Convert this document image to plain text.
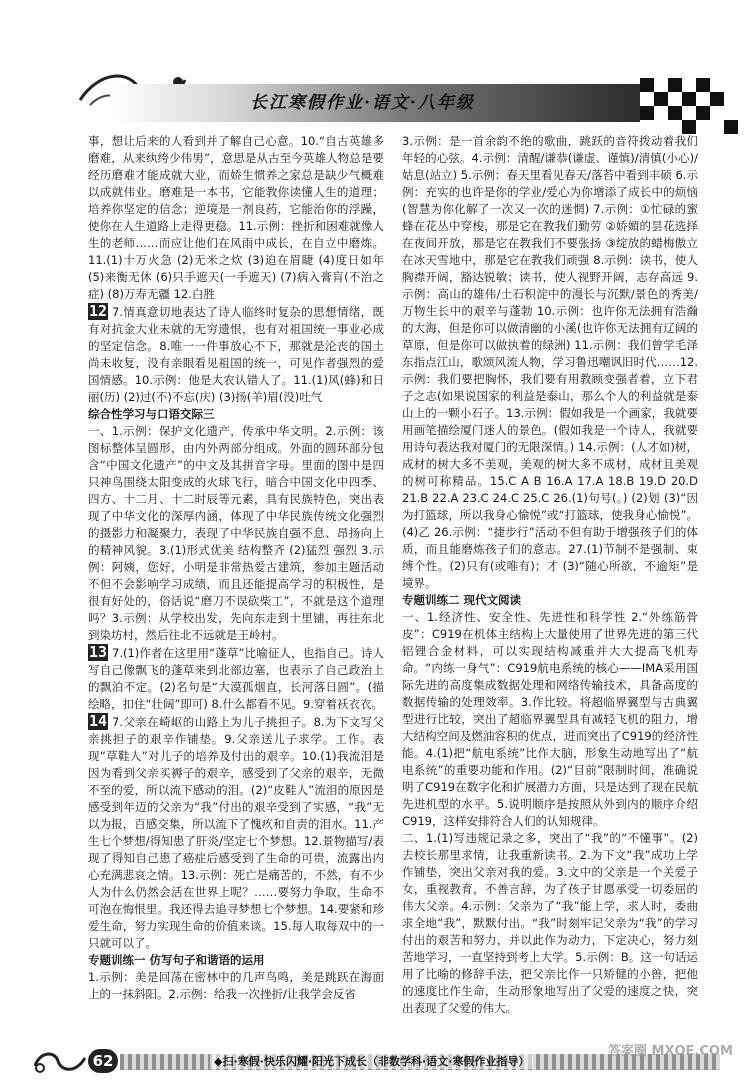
长江寒假作业·语文·八年级

事，想让后来的人看到并了解自己心意。10.“自古英雄多磨难，从来纨绔少伟男”，意思是从古至今英雄人物总是要经历磨难才能成就大业，而娇生惯养之家总是缺少气概难以成就伟业。磨难是一本书，它能教你读懂人生的道理；培养你坚定的信念；逆境是一剂良药，它能治你的浮躁，使你在人生道路上走得更稳。11.示例：挫折和困难就像人生的老师……而应让他们在风雨中成长，在自立中磨炼。11.(1)十万火急 (2)无米之炊 (3)迫在眉睫 (4)度日如年 (5)来衡无休 (6)只手遮天(一手遮天) (7)病入膏肓(不治之症) (8)万寿无疆 12.白胜

12 7.情真意切地表达了诗人临终时复杂的思想情绪，既有对抗金大业未就的无穷遗恨，也有对祖国统一事业必成的坚定信念。8.唯一一件事放心不下，那就是沦丧的国土尚未收复，没有亲眼看见祖国的统一，可见作者强烈的爱国情感。10.示例：他是大农认错人了。11.(1)风(蜂)和日丽(历) (2)过(不)不忘(庆) (3)扬(羊)眉(没)吐气

综合性学习与口语交际三

一、1.示例：保护文化遗产，传承中华文明。2.示例：该图标整体呈圆形，由内外两部分组成。外面的圆环部分包含“中国文化遗产”的中文及其拼音字母。里面的图中是四只神鸟围绕太阳变成的火球飞行，暗合中国文化中四季、四方、十二月、十二时辰等元素，具有民族特色，突出表现了中华文化的深厚内涵，体现了中华民族传统文化强烈的摄影力和凝聚力，表现了中华民族自强不息、昂扬向上的精神风貌。3.(1)形式优美 结构整齐 (2)猛烈 强烈 3.示例：阿姨，您好，小明是非常热爱古建筑，参加主题活动不但不会影响学习成绩，而且还能提高学习的积极性，是很有好处的，俗话说“磨刀不误砍柴工”，不就是这个道理吗？3.示例：从学校出发，先向东走到十里铺，再往东北到染坊村，然后往北不远就是王岭村。

13 7.(1)作者在这里用“蓬草”比喻征人，也指自己。诗人写自己像飘飞的蓬草来到北部边塞，也表示了自己政治上的飘泊不定。(2)名句是“大漠孤烟直，长河落日圆”。(描绘略，扣住“壮阔”即可) 8.什么都看不见。9.穿着袄衣衣。

14 7.父亲在崎岖的山路上为儿子挑担子。8.为下文写父亲挑担子的艰辛作铺垫。9.父亲送儿子求学。工作。表现“草鞋人”对儿子的培养及付出的艰辛。10.(1)我流泪是因为看到父亲买褥子的艰辛，感受到了父亲的艰辛，无微不至的爱，所以流下感动的泪。(2)“皮鞋人”流泪的原因是感受到年迈的父亲为“我”付出的艰辛受到了实感，“我”无以为报，百感交集，所以流下了愧疚和自责的泪水。11.产生七个梦想/得知患了肝炎/坚定七个梦想。12.景物描写/表现了得知自己患了癌症后感受到了生命的可贵，流露出内心充满悲哀之情。13.示例：死亡是痛苦的，不然，有不少人为什么仍然会活在世界上呢？……要努力争取，生命不可泡在悔恨里。我还得去追寻梦想七个梦想。14.要紧和珍爱生命，努力实现生命的价值来谈。15.每人取每双中的一只就可以了。

专题训练一 仿写句子和谐语的运用

1.示例：美是回荡在密林中的几声鸟鸣，美是跳跃在海面上的一抹斜阳。2.示例：给我一次挫折/让我学会反省

3.示例：是一首余韵不绝的歌曲，跳跃的音符拨动着我们年轻的心弦。4.示例：清醒/谦恭(谦虚、谨慎)/清慎(小心)/姑息(站立) 5.示例：春天里看见春天/落苔中看到丰硕 6.示例：充实的也许是你的学业/爱心为你增添了成长中的烦恼(智慧为你化解了一次又一次的迷惘) 7.示例：①忙碌的蜜蜂在花丛中穿梭，那是它在教我们勤劳 ②娇媚的昙花选择在夜间开放，那是它在教我们不要张扬 ③绽放的蜡梅傲立在冰天雪地中，那是它在教我们顽强 8.示例：读书，使人胸襟开阔，豁达锐敏；读书，使人视野开阔，志存高远 9.示例：高山的雄伟/土石积淀中的漫长与沉默/景色的秀美/万物生长中的艰辛与蓬勃 10.示例：也许你无法拥有浩瀚的大海，但是你可以做清幽的小溪(也许你无法拥有辽阔的草原，但是你可以做执着的绿洲) 11.示例：我们曾学毛泽东指点江山，歌颂风流人物，学习鲁迅嘲讽旧时代……12.示例：我们要把胸怀，我们要有用教顾变强者着，立下君子之志(如果说国家的利益是泰山，那么个人的利益就是泰山上的一颗小石子。13.示例：假如我是一个画家，我就要用画笔描绘厦门迷人的景色。(假如我是一个诗人，我就要用诗句表达我对厦门的无限深情。) 14.示例：(人才如)树，成材的树大多不美观，美观的树大多不成材，成材且美观的树可称精品。15.C A B 16.A 17.A 18.B 19.D 20.D 21.B 22.A 23.C 24.C 25.C 26.(1)句号(。) (2)划 (3)“因为打篮球，所以我身心愉悦”或“打篮球，使我身心愉悦”。(4)乙 26.示例：“捷步行”活动不但有助于增强孩子们的体质，而且能磨炼孩子们的意志。27.(1)节制不是强制、束缚个性。(2)只有(或唯有)；才 (3)“随心所欲，不逾矩”是境界。

专题训练二 现代文阅读

一、1.经济性、安全性、先进性和科学性 2.“外练筋骨皮”：C919在机体主结构上大量使用了世界先进的第三代铝锂合金材料，可以实现结构减重并大大提高飞机寿命。“内练一身气”：C919航电系统的核心——IMA采用国际先进的高度集成数据处理和网络传输技术，具备高度的数据传输的处理效率。3.作比较。将超临界翼型与古典翼型进行比较，突出了超临界翼型具有减轻飞机的阻力，增大结构空间及燃油容积的优点，进而突出了C919的经济性能。4.(1)把“航电系统”比作大脑，形象生动地写出了“航电系统”的重要功能和作用。(2)“目前”限制时间，准确说明了C919在数字化和扩展潜力方面，只是达到了现在民航先进机型的水平。5.说明顺序是按照从外到内的顺序介绍C919，这样安排符合人们的认知规律。

二、1.(1)写违规记录之多，突出了“我”的“不懂事”。(2)去校长那里求情，让我重新读书。2.为下文“我”成功上学作铺垫，突出父亲对我的爱。3.文中的父亲是一个关爱子女，重视教育，不善言辞，为了孩子甘愿承受一切委屈的伟大父亲。4.示例：父亲为了“我”能上学，求人时，委曲求全地“我”，默默付出。“我”时刻牢记父亲为“我”的学习付出的艰苦和努力，并以此作为动力，下定决心，努力刻苦地学习，一直坚持到考上大学。5.示例：B。这一句话运用了比喻的修辞手法，把父亲比作一只矫健的小兽，把他的速度比作生命，生动形象地写出了父爱的速度之快，突出表现了父爱的伟大。

62	◆扫·寒假·快乐闪耀·阳光下成长（非数学科·语文·寒假作业指导）
答案圈 MXQE.COM
